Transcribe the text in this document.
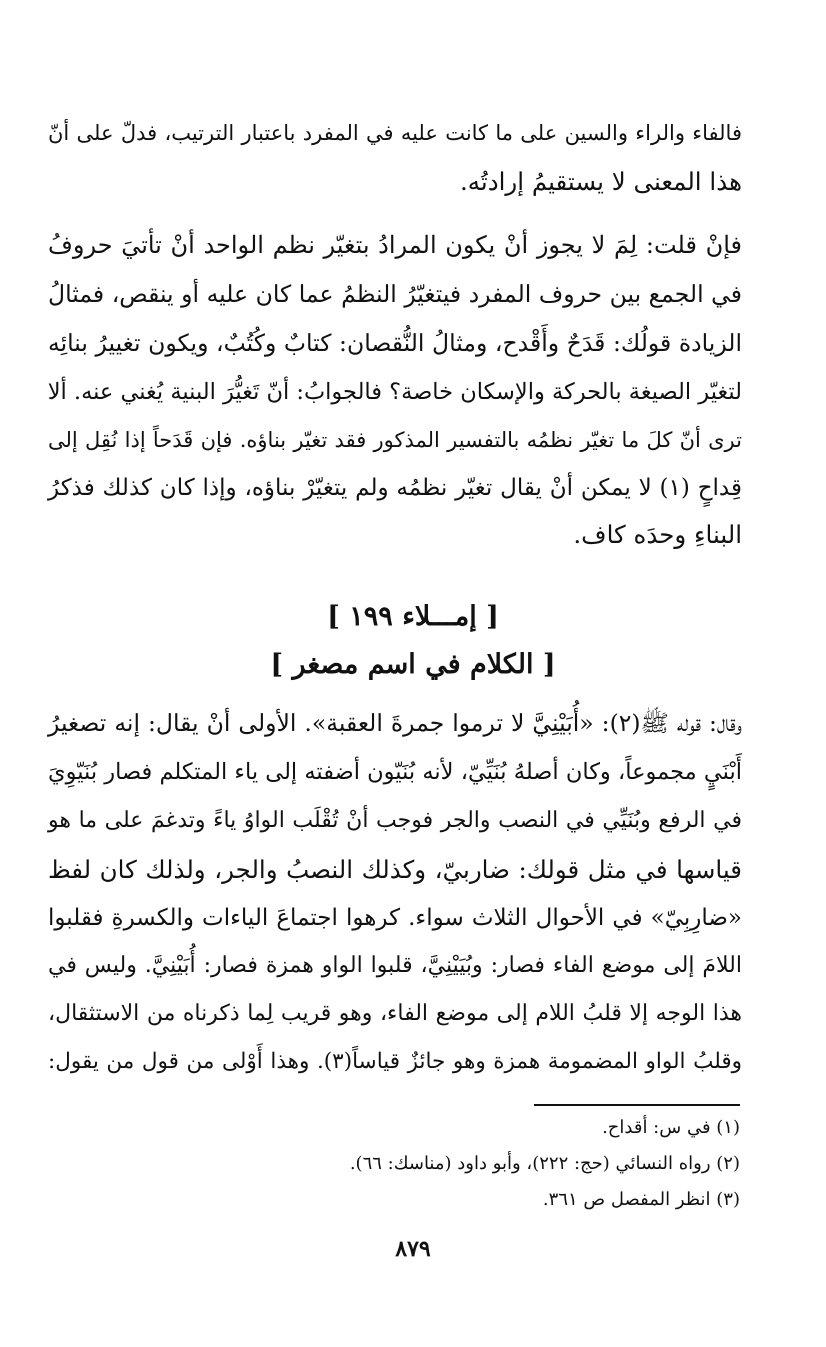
فالفاء والراء والسين على ما كانت عليه في المفرد باعتبار الترتيب، فدلّ على أنّ
هذا المعنى لا يستقيمُ إرادتُه.
فإنْ قلت: لِمَ لا يجوز أنْ يكون المرادُ بتغيّر نظم الواحد أنْ تأتيَ حروفُ
في الجمع بين حروف المفرد فيتغيّرُ النظمُ عما كان عليه أو ينقص، فمثالُ
الزيادة قولُك: قَدَحٌ وأَقْدح، ومثالُ النُّقصان: كتابٌ وكُتُبٌ، ويكون تغييرُ بنائِه
لتغيّر الصيغة بالحركة والإسكان خاصة؟ فالجوابُ: أنّ تَغيُّرَ البنية يُغني عنه. ألا
ترى أنّ كلَ ما تغيّر نظمُه بالتفسير المذكور فقد تغيّر بناؤه. فإن قَدَحاً إذا نُقِل إلى
قِداحٍ (١) لا يمكن أنْ يقال تغيّر نظمُه ولم يتغيّرْ بناؤه، وإذا كان كذلك فذكرُ
البناءِ وحدَه كاف.
[ إمـــلاء ١٩٩ ]
[ الكلام في اسم مصغر ]
وقال: قوله ﷺ(٢): «أُبَيْنِيَّ لا ترموا جمرةَ العقبة». الأولى أنْ يقال: إنه تصغيرُ
أَبْنَيٍ مجموعاً، وكان أصلهُ بُنَيِّيّ، لأنه بُنَيّون أضفته إلى ياء المتكلم فصار بُنَيّوِيَ
في الرفع وبُنَيِّي في النصب والجر فوجب أنْ تُقْلَب الواوُ ياءً وتدغمَ على ما هو
قياسها في مثل قولك: ضاربيّ، وكذلك النصبُ والجر، ولذلك كان لفظ
«ضارِبِيّ» في الأحوال الثلاث سواء. كرهوا اجتماعَ الياءات والكسرةِ فقلبوا
اللامَ إلى موضع الفاء فصار: وبُيَيْنِيَّ، قلبوا الواو همزة فصار: أُبَيْنِيَّ. وليس في
هذا الوجه إلا قلبُ اللام إلى موضع الفاء، وهو قريب لِما ذكرناه من الاستثقال،
وقلبُ الواو المضمومة همزة وهو جائزٌ قياساً(٣). وهذا أَوْلى من قول من يقول:
(١) في س: أقداح.
(٢) رواه النسائي (حج: ٢٢٢)، وأبو داود (مناسك: ٦٦).
(٣) انظر المفصل ص ٣٦١.
٨٧٩
